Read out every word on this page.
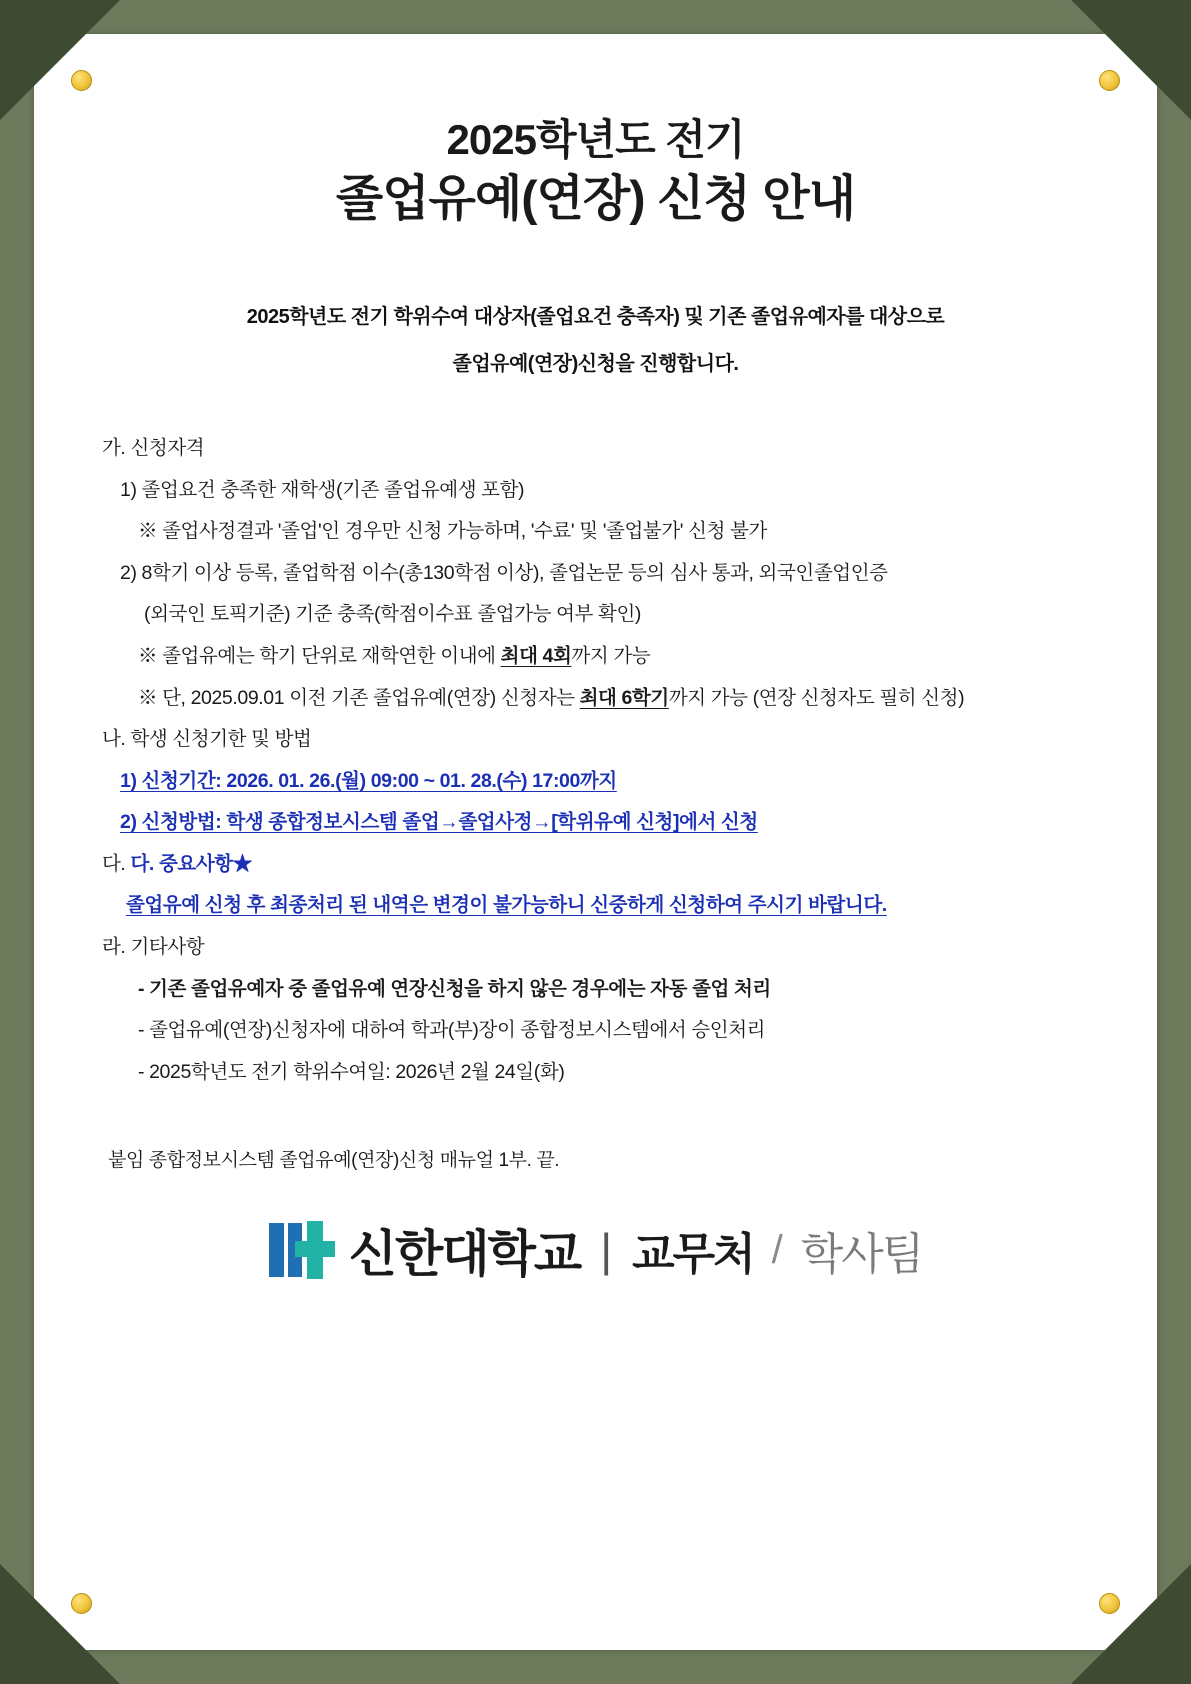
2025학년도 전기
졸업유예(연장) 신청 안내
2025학년도 전기 학위수여 대상자(졸업요건 충족자) 및 기존 졸업유예자를 대상으로
졸업유예(연장)신청을 진행합니다.
가. 신청자격
1) 졸업요건 충족한 재학생(기존 졸업유예생 포함)
※ 졸업사정결과 '졸업'인 경우만 신청 가능하며, '수료' 및 '졸업불가' 신청 불가
2) 8학기 이상 등록, 졸업학점 이수(총130학점 이상), 졸업논문 등의 심사 통과, 외국인졸업인증
(외국인 토픽기준) 기준 충족(학점이수표 졸업가능 여부 확인)
※ 졸업유예는 학기 단위로 재학연한 이내에 최대 4회까지 가능
※ 단, 2025.09.01 이전 기존 졸업유예(연장) 신청자는 최대 6학기까지 가능 (연장 신청자도 필히 신청)
나. 학생 신청기한 및 방법
1) 신청기간: 2026. 01. 26.(월) 09:00 ~ 01. 28.(수) 17:00까지
2) 신청방법: 학생 종합정보시스템 졸업→졸업사정→[학위유예 신청]에서 신청
다. 다. 중요사항★
졸업유예 신청 후 최종처리 된 내역은 변경이 불가능하니 신중하게 신청하여 주시기 바랍니다.
라. 기타사항
- 기존 졸업유예자 중 졸업유예 연장신청을 하지 않은 경우에는 자동 졸업 처리
- 졸업유예(연장)신청자에 대하여 학과(부)장이 종합정보시스템에서 승인처리
- 2025학년도 전기 학위수여일: 2026년 2월 24일(화)
붙임 종합정보시스템 졸업유예(연장)신청 매뉴얼 1부. 끝.
신한대학교 | 교무처 / 학사팀
